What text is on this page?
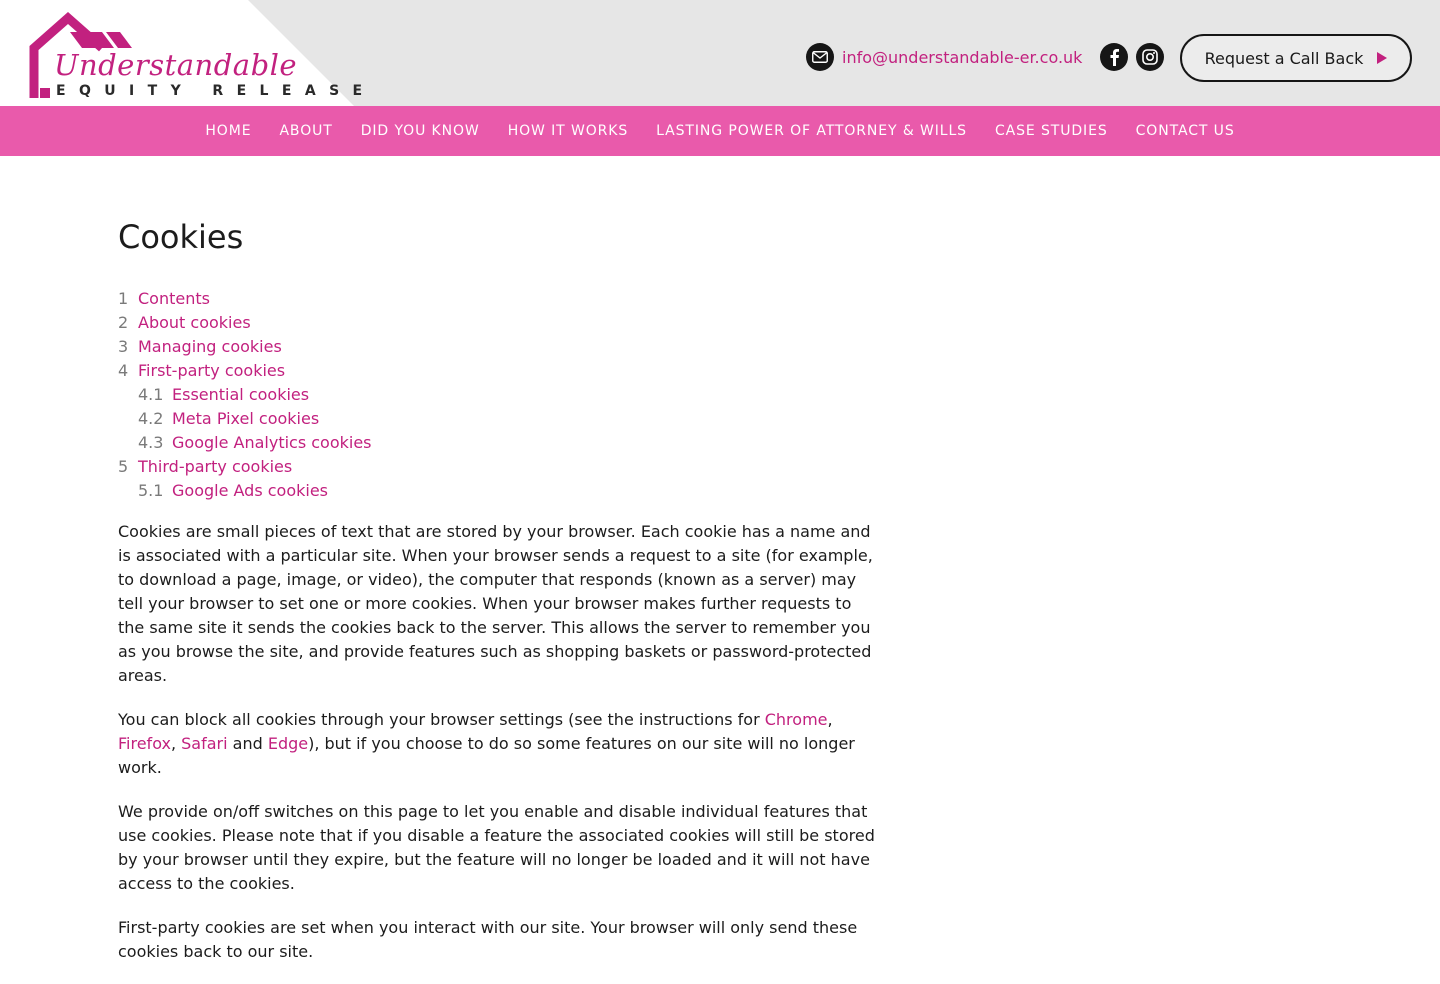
Understandable
EQUITY RELEASE
info@understandable-er.co.uk	Request a Call Back
HOME ABOUT DID YOU KNOW HOW IT WORKS LASTING POWER OF ATTORNEY & WILLS CASE STUDIES CONTACT US
Cookies
1 Contents
2 About cookies
3 Managing cookies
4 First-party cookies
4.1 Essential cookies
4.2 Meta Pixel cookies
4.3 Google Analytics cookies
5 Third-party cookies
5.1 Google Ads cookies

Cookies are small pieces of text that are stored by your browser. Each cookie has a name and is associated with a particular site. When your browser sends a request to a site (for example, to download a page, image, or video), the computer that responds (known as a server) may tell your browser to set one or more cookies. When your browser makes further requests to the same site it sends the cookies back to the server. This allows the server to remember you as you browse the site, and provide features such as shopping baskets or password-protected areas.

You can block all cookies through your browser settings (see the instructions for Chrome, Firefox, Safari and Edge), but if you choose to do so some features on our site will no longer work.

We provide on/off switches on this page to let you enable and disable individual features that use cookies. Please note that if you disable a feature the associated cookies will still be stored by your browser until they expire, but the feature will no longer be loaded and it will not have access to the cookies.

First-party cookies are set when you interact with our site. Your browser will only send these cookies back to our site.
